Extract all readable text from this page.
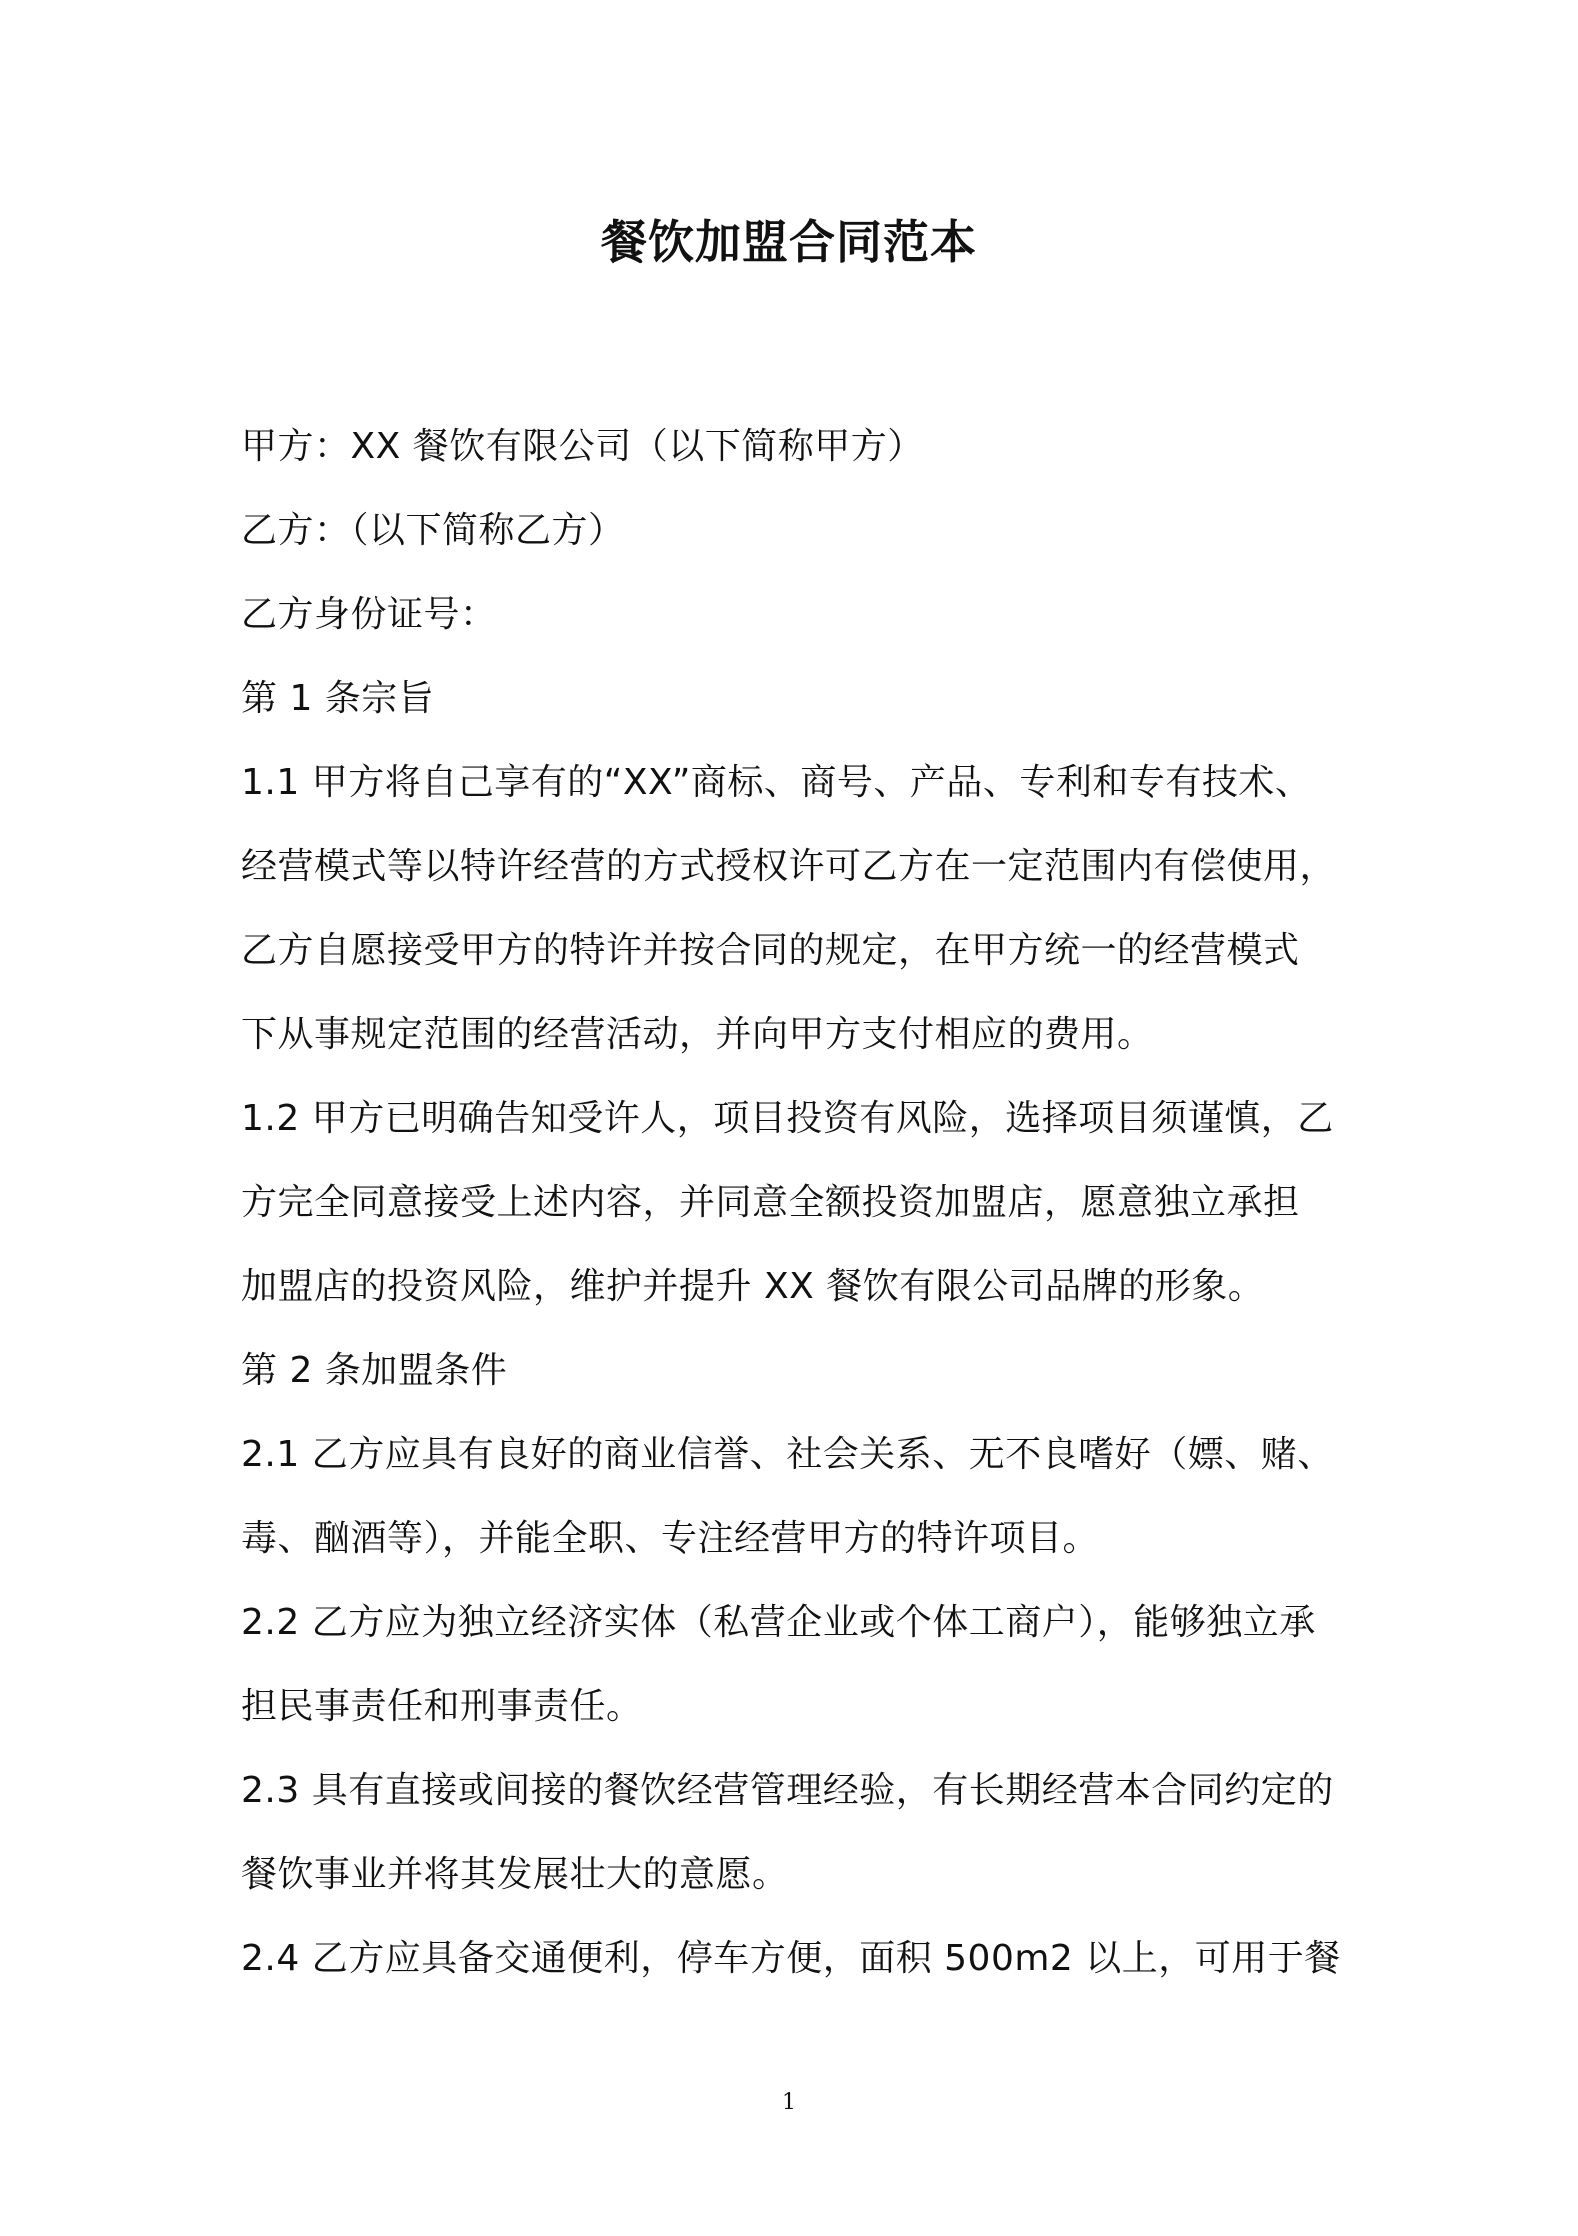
餐饮加盟合同范本
甲方：XX 餐饮有限公司（以下简称甲方）
乙方：（以下简称乙方）
乙方身份证号：
第 1 条宗旨
1.1 甲方将自己享有的“XX”商标、商号、产品、专利和专有技术、
经营模式等以特许经营的方式授权许可乙方在一定范围内有偿使用，
乙方自愿接受甲方的特许并按合同的规定，在甲方统一的经营模式
下从事规定范围的经营活动，并向甲方支付相应的费用。
1.2 甲方已明确告知受许人，项目投资有风险，选择项目须谨慎，乙
方完全同意接受上述内容，并同意全额投资加盟店，愿意独立承担
加盟店的投资风险，维护并提升 XX 餐饮有限公司品牌的形象。
第 2 条加盟条件
2.1 乙方应具有良好的商业信誉、社会关系、无不良嗜好（嫖、赌、
毒、酗酒等），并能全职、专注经营甲方的特许项目。
2.2 乙方应为独立经济实体（私营企业或个体工商户），能够独立承
担民事责任和刑事责任。
2.3 具有直接或间接的餐饮经营管理经验，有长期经营本合同约定的
餐饮事业并将其发展壮大的意愿。
2.4 乙方应具备交通便利，停车方便，面积 500m2 以上，可用于餐
1
